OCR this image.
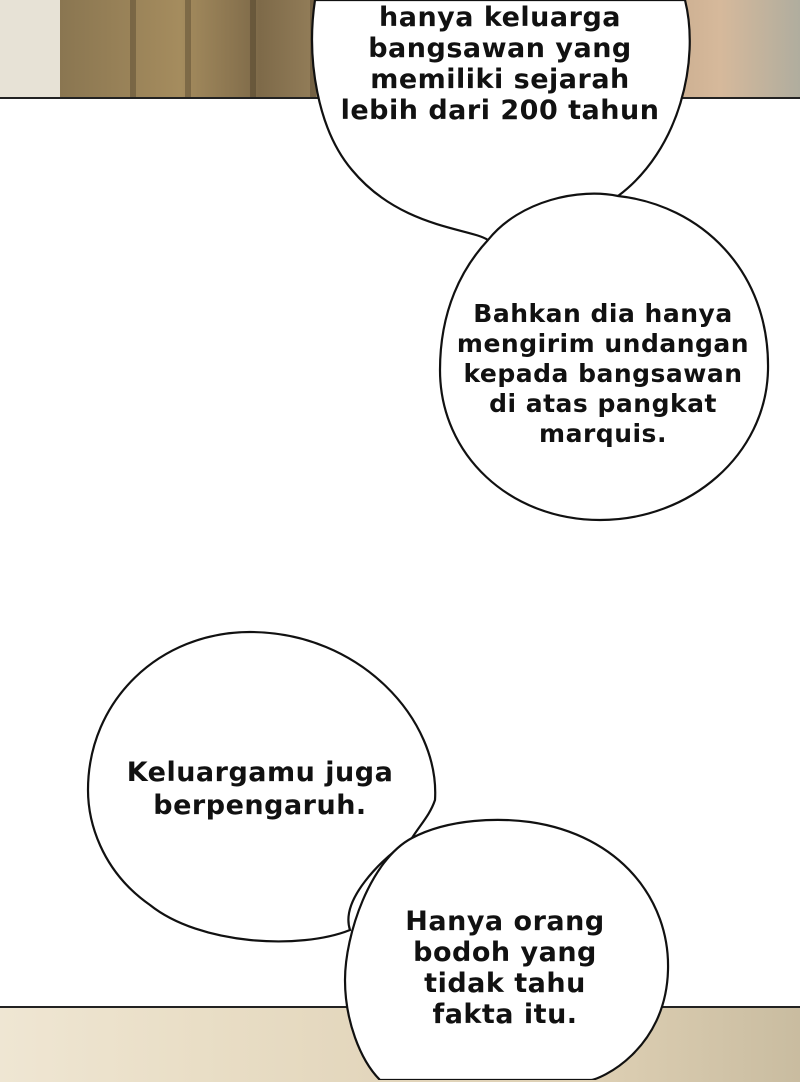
hanya keluarga
bangsawan yang
memiliki sejarah
lebih dari 200 tahun
Bahkan dia hanya
mengirim undangan
kepada bangsawan
di atas pangkat
marquis.
Keluargamu juga
berpengaruh.
Hanya orang
bodoh yang
tidak tahu
fakta itu.
